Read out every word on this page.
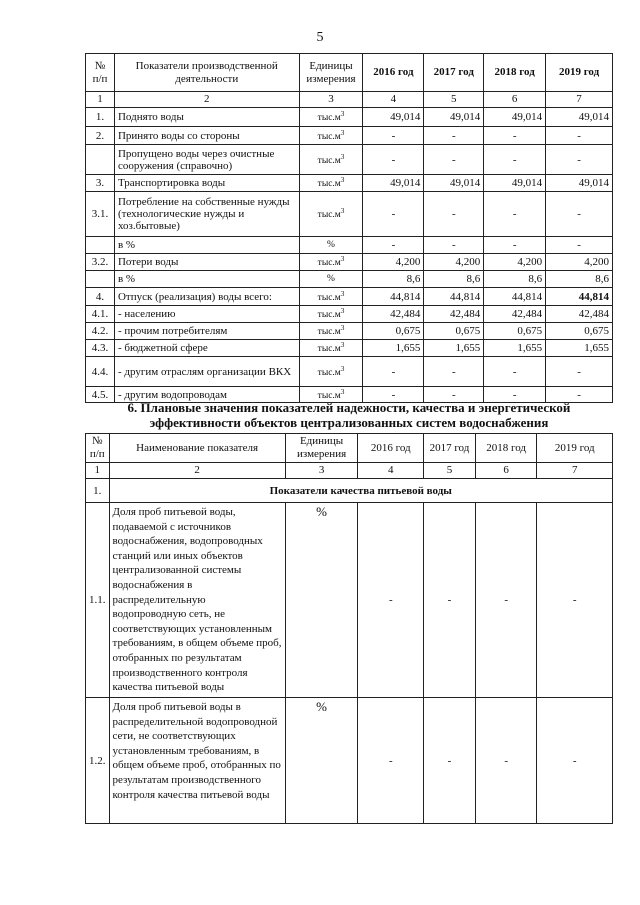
5
№ п/п	Показатели производственной деятельности	Единицы измерения	2016 год	2017 год	2018 год	2019 год
1	2	3	4	5	6	7
1.	Поднято воды	$тыс.м^3$	49,014	49,014	49,014	49,014
2.	Принято воды со стороны	$тыс.м^3$	-	-	-	-
	Пропущено воды через очистные сооружения (справочно)	$тыс.м^3$	-	-	-	-
3.	Транспортировка воды	$тыс.м^3$	49,014	49,014	49,014	49,014
3.1.	Потребление на собственные нужды (технологические нужды и хоз.бытовые)	$тыс.м^3$	-	-	-	-
	в %	%	-	-	-	-
3.2.	Потери воды	$тыс.м^3$	4,200	4,200	4,200	4,200
	в %	%	8,6	8,6	8,6	8,6
4.	Отпуск (реализация) воды всего:	$тыс.м^3$	44,814	44,814	44,814	44,814
4.1.	- населению	$тыс.м^3$	42,484	42,484	42,484	42,484
4.2.	- прочим потребителям	$тыс.м^3$	0,675	0,675	0,675	0,675
4.3.	- бюджетной сфере	$тыс.м^3$	1,655	1,655	1,655	1,655
4.4.	- другим отраслям организации ВКХ	$тыс.м^3$	-	-	-	-
4.5.	- другим водопроводам	$тыс.м^3$	-	-	-	-
6. Плановые значения показателей надежности, качества и энергетической
эффективности объектов централизованных систем водоснабжения
№ п/п	Наименование показателя	Единицы измерения	2016 год	2017 год	2018 год	2019 год
1	2	3	4	5	6	7
1.	Показатели качества питьевой воды					
1.1.	Доля проб питьевой воды, подаваемой с источников водоснабжения, водопроводных станций или иных объектов централизованной системы водоснабжения в распределительную водопроводную сеть, не соответствующих установленным требованиям, в общем объеме проб, отобранных по результатам производственного контроля качества питьевой воды	%	-	-	-	-
1.2.	Доля проб питьевой воды в распределительной водопроводной сети, не соответствующих установленным требованиям, в общем объеме проб, отобранных по результатам производственного контроля качества питьевой воды	%	-	-	-	-
